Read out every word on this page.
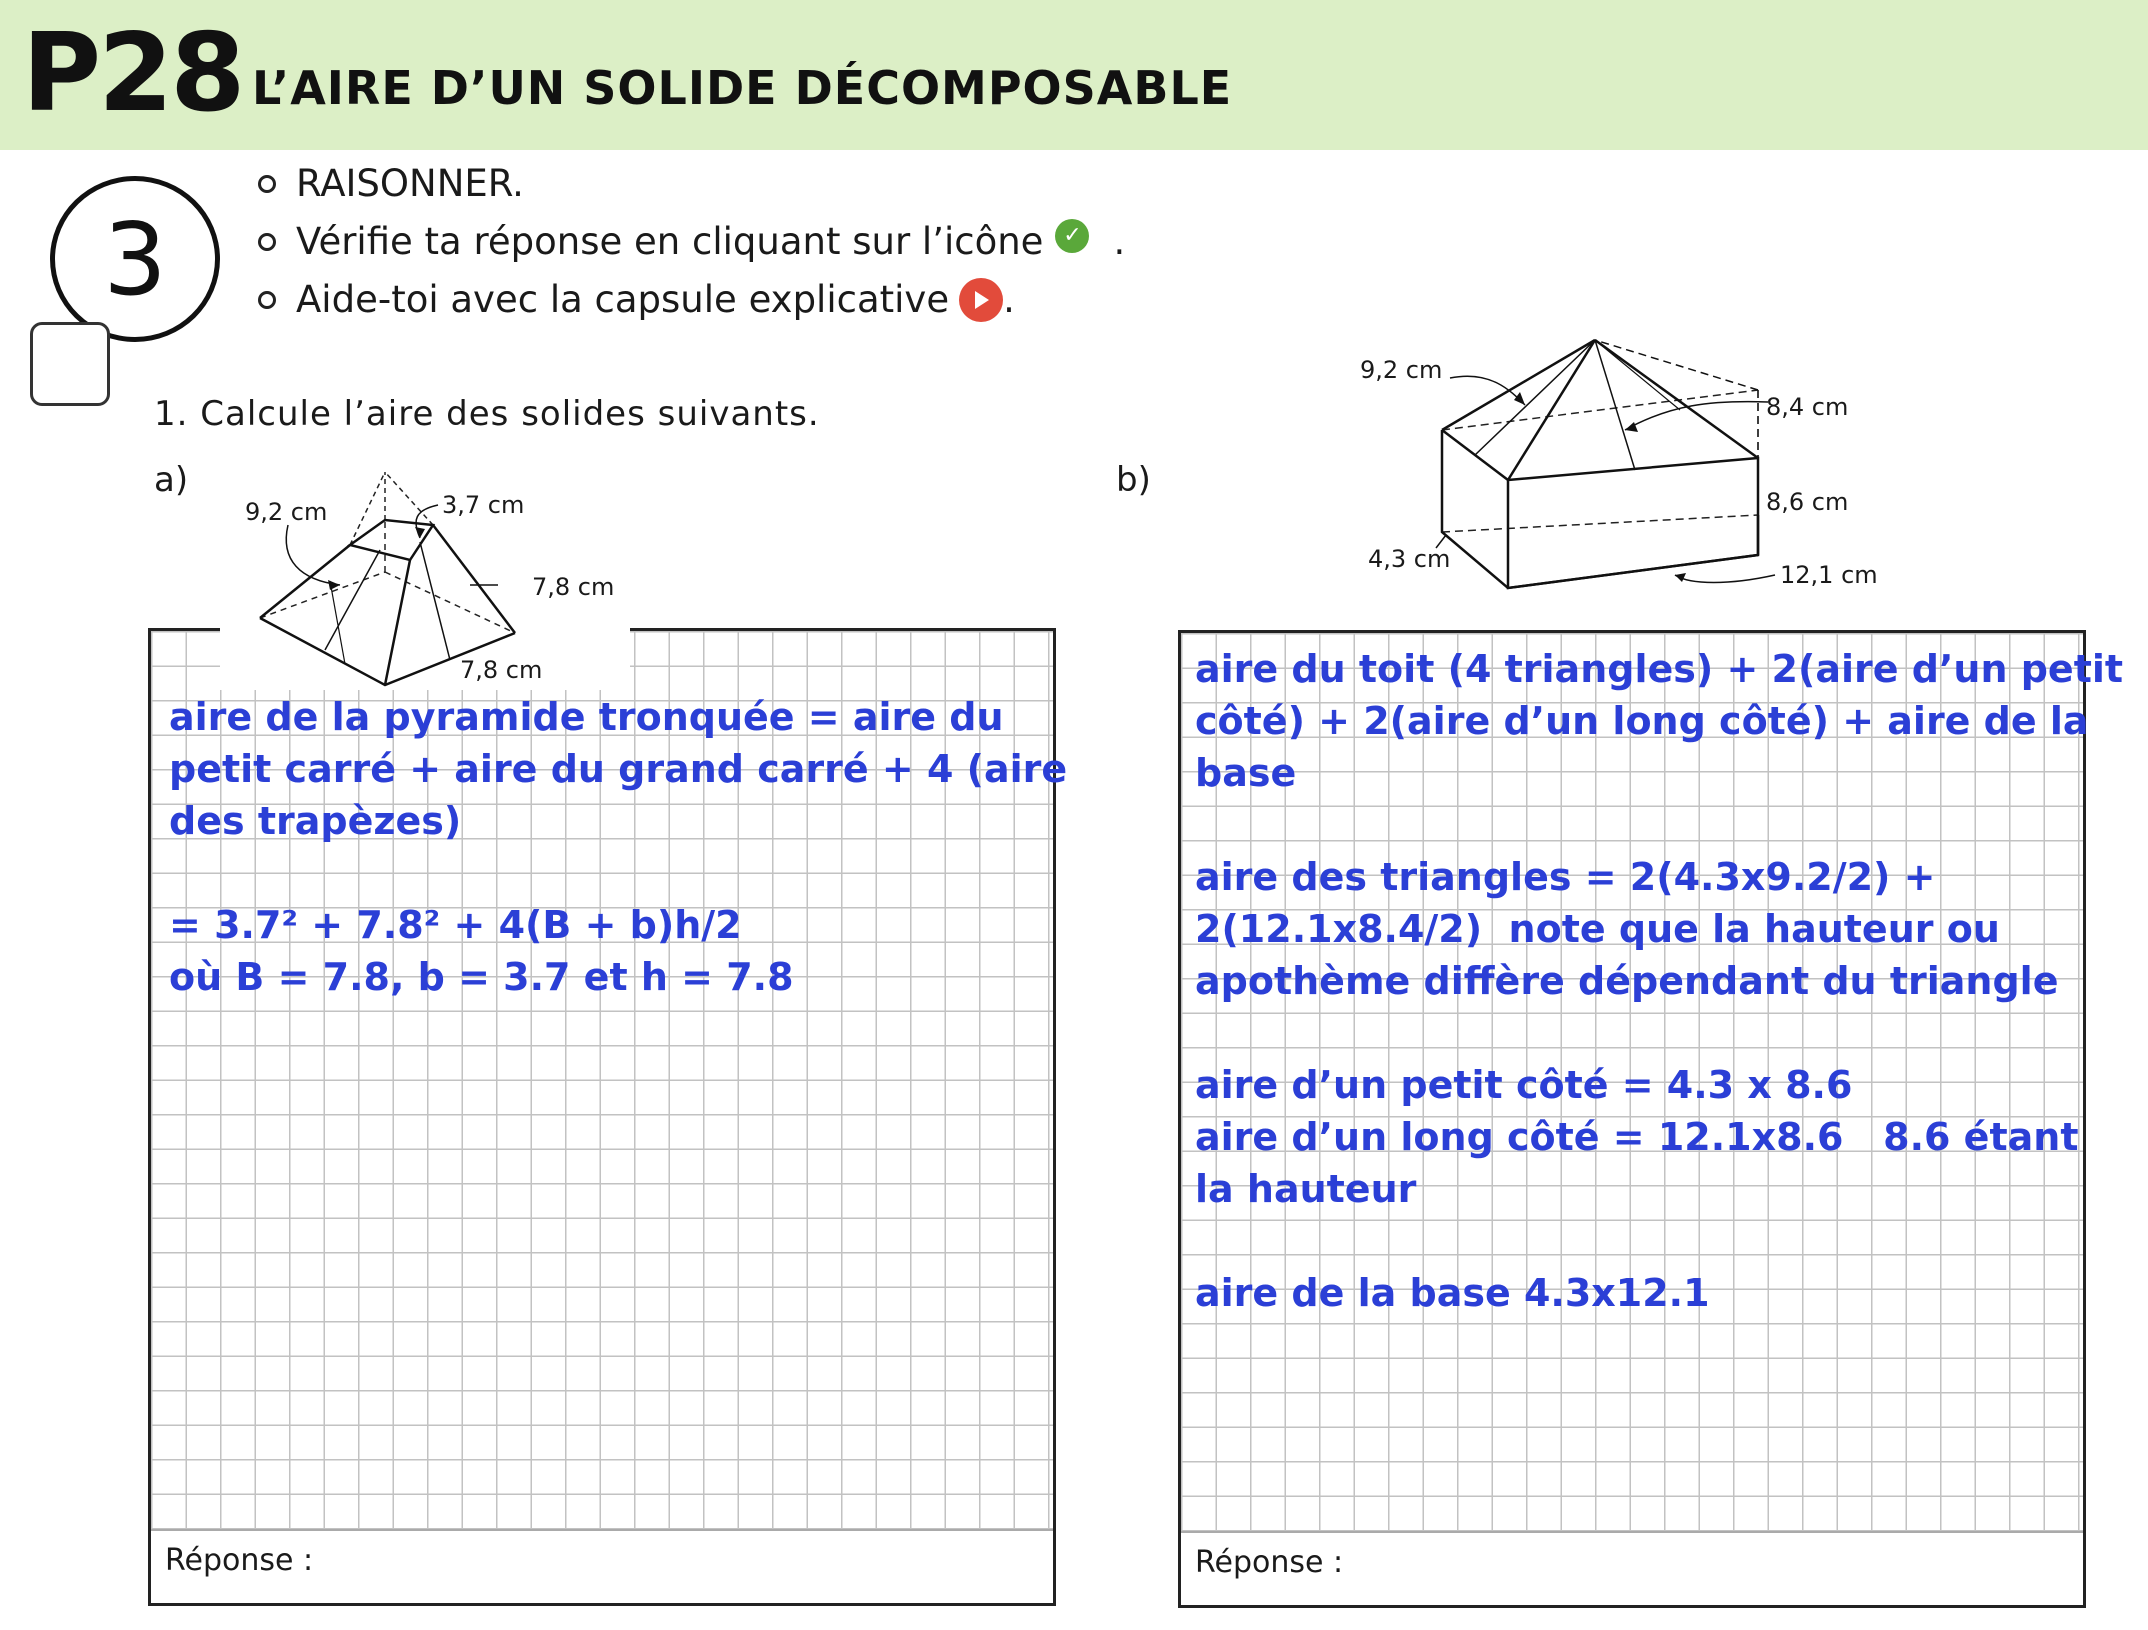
P28 L’AIRE D’UN SOLIDE DÉCOMPOSABLE
3
RAISONNER.
Vérifie ta réponse en cliquant sur l’icône ✓ .
Aide-toi avec la capsule explicative .
1. Calcule l’aire des solides suivants.
a)	b)
aire de la pyramide tronquée = aire du
petit carré + aire du grand carré + 4 (aire
des trapèzes)

= 3.7² + 7.8² + 4(B + b)h/2
où B = 7.8, b = 3.7 et h = 7.8
Réponse :
aire du toit (4 triangles) + 2(aire d’un petit
côté) + 2(aire d’un long côté) + aire de la
base

aire des triangles = 2(4.3x9.2/2) +
2(12.1x8.4/2)  note que la hauteur ou
apothème diffère dépendant du triangle

aire d’un petit côté = 4.3 x 8.6
aire d’un long côté = 12.1x8.6   8.6 étant
la hauteur

aire de la base 4.3x12.1
Réponse :
9,2 cm	3,7 cm
7,8 cm
7,8 cm
9,2 cm
8,4 cm
8,6 cm
4,3 cm
12,1 cm
